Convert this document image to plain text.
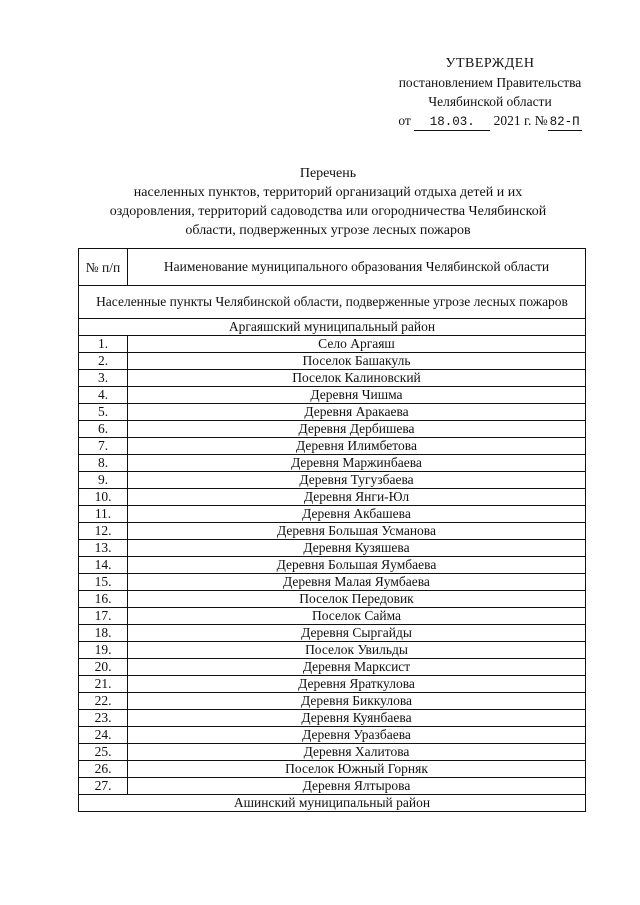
УТВЕРЖДЕН
постановлением Правительства
Челябинской области
от 18.03. 2021 г. № 82-П
Перечень
населенных пунктов, территорий организаций отдыха детей и их
оздоровления, территорий садоводства или огородничества Челябинской
области, подверженных угрозе лесных пожаров
№ п/п	Наименование муниципального образования Челябинской области
Населенные пункты Челябинской области, подверженные угрозе лесных пожаров	
Аргаяшский муниципальный район	
1.	Село Аргаяш
2.	Поселок Башакуль
3.	Поселок Калиновский
4.	Деревня Чишма
5.	Деревня Аракаева
6.	Деревня Дербишева
7.	Деревня Илимбетова
8.	Деревня Маржинбаева
9.	Деревня Тугузбаева
10.	Деревня Янги-Юл
11.	Деревня Акбашева
12.	Деревня Большая Усманова
13.	Деревня Кузяшева
14.	Деревня Большая Яумбаева
15.	Деревня Малая Яумбаева
16.	Поселок Передовик
17.	Поселок Сайма
18.	Деревня Сыргайды
19.	Поселок Увильды
20.	Деревня Марксист
21.	Деревня Яраткулова
22.	Деревня Биккулова
23.	Деревня Куянбаева
24.	Деревня Уразбаева
25.	Деревня Халитова
26.	Поселок Южный Горняк
27.	Деревня Ялтырова
Ашинский муниципальный район	
